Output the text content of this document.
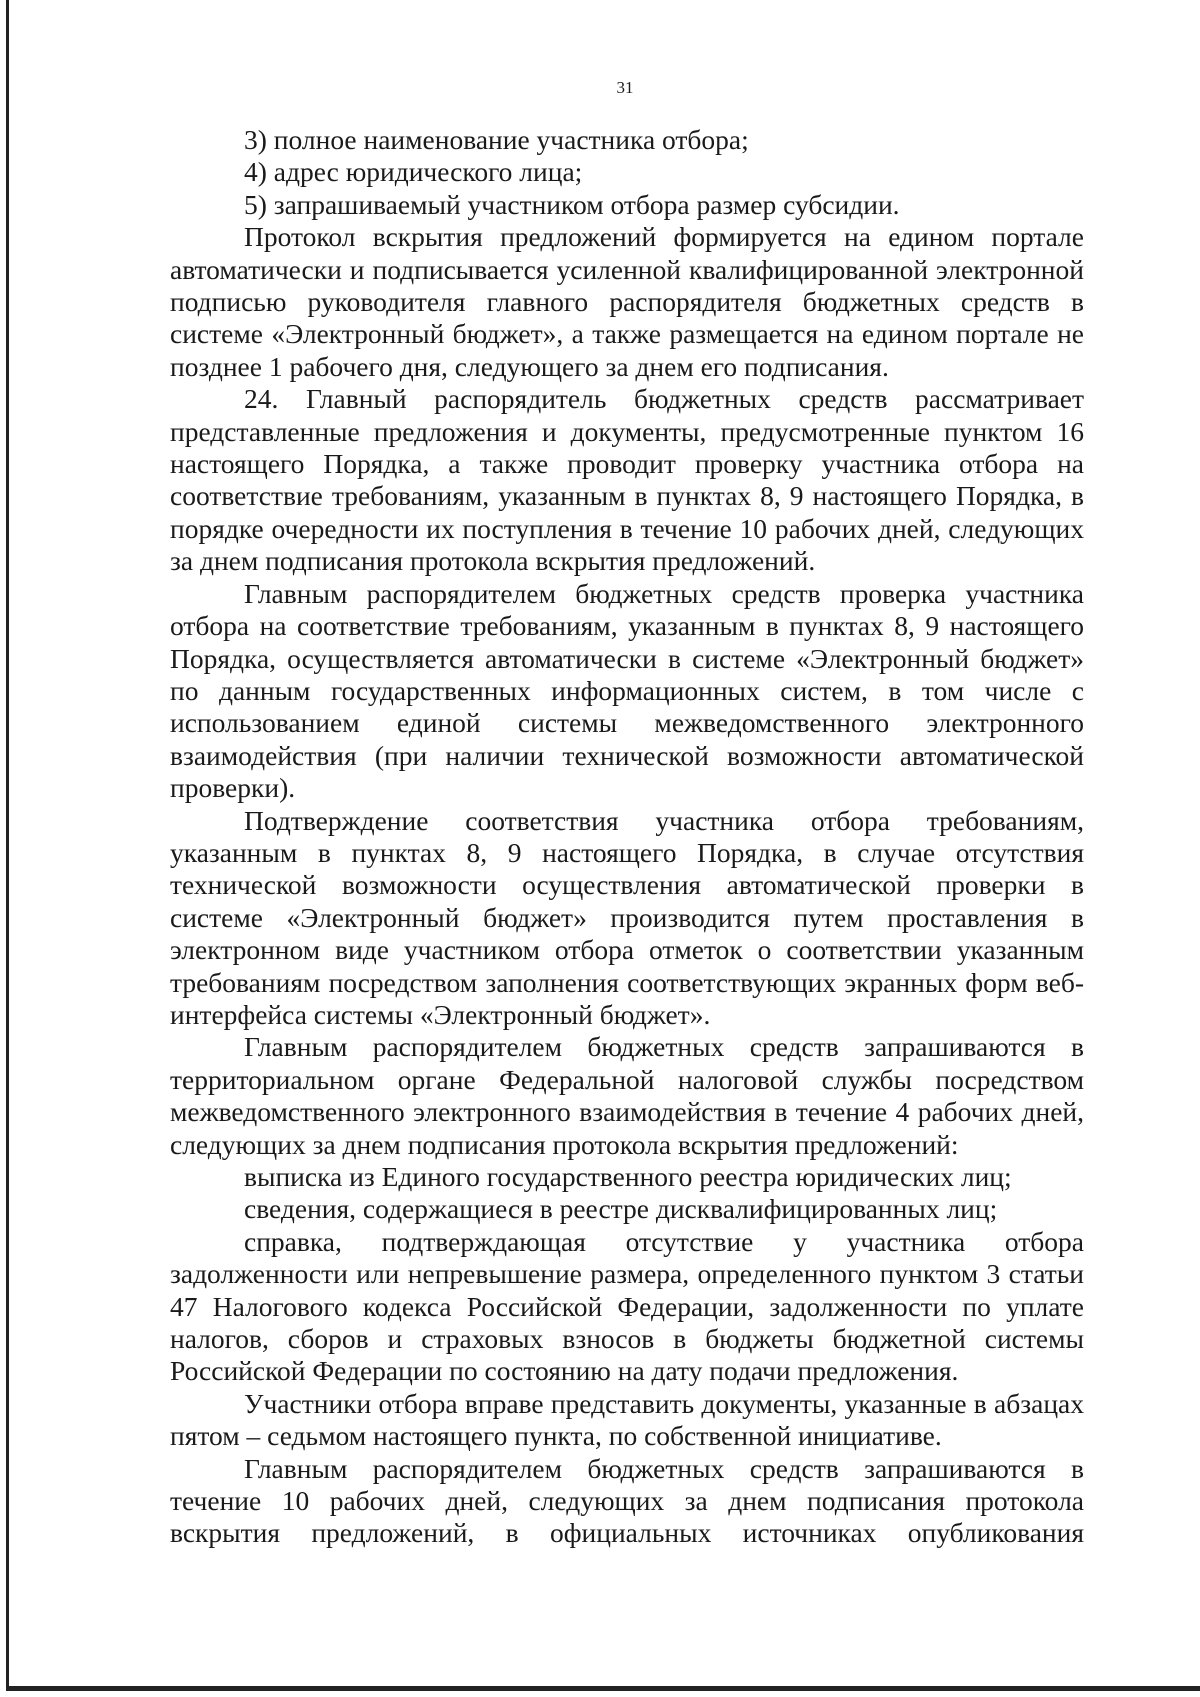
31

3) полное наименование участника отбора;

4) адрес юридического лица;

5) запрашиваемый участником отбора размер субсидии.

Протокол вскрытия предложений формируется на едином портале автоматически и подписывается усиленной квалифицированной электронной подписью руководителя главного распорядителя бюджетных средств в системе «Электронный бюджет», а также размещается на едином портале не позднее 1 рабочего дня, следующего за днем его подписания.

24. Главный распорядитель бюджетных средств рассматривает представленные предложения и документы, предусмотренные пунктом 16 настоящего Порядка, а также проводит проверку участника отбора на соответствие требованиям, указанным в пунктах 8, 9 настоящего Порядка, в порядке очередности их поступления в течение 10 рабочих дней, следующих за днем подписания протокола вскрытия предложений.

Главным распорядителем бюджетных средств проверка участника отбора на соответствие требованиям, указанным в пунктах 8, 9 настоящего Порядка, осуществляется автоматически в системе «Электронный бюджет» по данным государственных информационных систем, в том числе с использованием единой системы межведомственного электронного взаимодействия (при наличии технической возможности автоматической проверки).

Подтверждение соответствия участника отбора требованиям, указанным в пунктах 8, 9 настоящего Порядка, в случае отсутствия технической возможности осуществления автоматической проверки в системе «Электронный бюджет» производится путем проставления в электронном виде участником отбора отметок о соответствии указанным требованиям посредством заполнения соответствующих экранных форм веб-интерфейса системы «Электронный бюджет».

Главным распорядителем бюджетных средств запрашиваются в территориальном органе Федеральной налоговой службы посредством межведомственного электронного взаимодействия в течение 4 рабочих дней, следующих за днем подписания протокола вскрытия предложений:

выписка из Единого государственного реестра юридических лиц;

сведения, содержащиеся в реестре дисквалифицированных лиц;

справка, подтверждающая отсутствие у участника отбора задолженности или непревышение размера, определенного пунктом 3 статьи 47 Налогового кодекса Российской Федерации, задолженности по уплате налогов, сборов и страховых взносов в бюджеты бюджетной системы Российской Федерации по состоянию на дату подачи предложения.

Участники отбора вправе представить документы, указанные в абзацах пятом – седьмом настоящего пункта, по собственной инициативе.

Главным распорядителем бюджетных средств запрашиваются в течение 10 рабочих дней, следующих за днем подписания протокола вскрытия предложений, в официальных источниках опубликования
